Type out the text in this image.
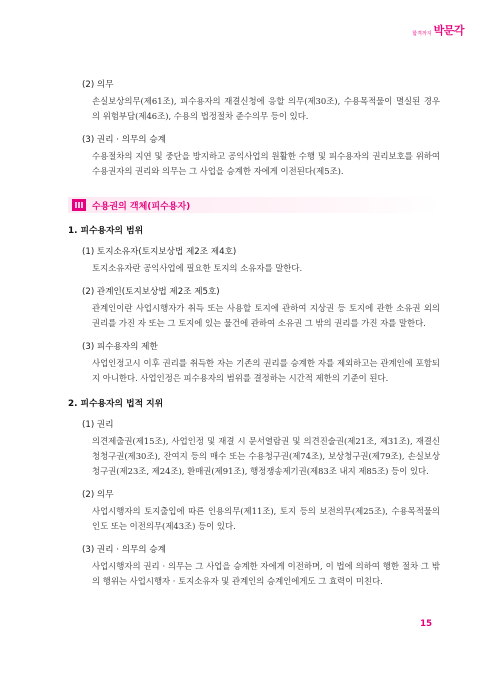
합격까지 박문각
(2) 의무
손실보상의무(제61조), 피수용자의 재결신청에 응할 의무(제30조), 수용목적물이 멸실된 경우의 위험부담(제46조), 수용의 법정절차 준수의무 등이 있다.
(3) 권리 · 의무의 승계
수용절차의 지연 및 중단을 방지하고 공익사업의 원활한 수행 및 피수용자의 권리보호를 위하여 수용권자의 권리와 의무는 그 사업을 승계한 자에게 이전된다(제5조).
III 수용권의 객체(피수용자)
1. 피수용자의 범위
(1) 토지소유자(토지보상법 제2조 제4호)
토지소유자란 공익사업에 필요한 토지의 소유자를 말한다.
(2) 관계인(토지보상법 제2조 제5호)
관계인이란 사업시행자가 취득 또는 사용할 토지에 관하여 지상권 등 토지에 관한 소유권 외의 권리를 가진 자 또는 그 토지에 있는 물건에 관하여 소유권 그 밖의 권리를 가진 자를 말한다.
(3) 피수용자의 제한
사업인정고시 이후 권리를 취득한 자는 기존의 권리를 승계한 자를 제외하고는 관계인에 포함되지 아니한다. 사업인정은 피수용자의 범위를 결정하는 시간적 제한의 기준이 된다.
2. 피수용자의 법적 지위
(1) 권리
의견제출권(제15조), 사업인정 및 재결 시 문서열람권 및 의견진술권(제21조, 제31조), 재결신청청구권(제30조), 잔여지 등의 매수 또는 수용청구권(제74조), 보상청구권(제79조), 손실보상청구권(제23조, 제24조), 환매권(제91조), 행정쟁송제기권(제83조 내지 제85조) 등이 있다.
(2) 의무
사업시행자의 토지출입에 따른 인용의무(제11조), 토지 등의 보전의무(제25조), 수용목적물의 인도 또는 이전의무(제43조) 등이 있다.
(3) 권리 · 의무의 승계
사업시행자의 권리 · 의무는 그 사업을 승계한 자에게 이전하며, 이 법에 의하여 행한 절차 그 밖의 행위는 사업시행자 · 토지소유자 및 관계인의 승계인에게도 그 효력이 미친다.
15
